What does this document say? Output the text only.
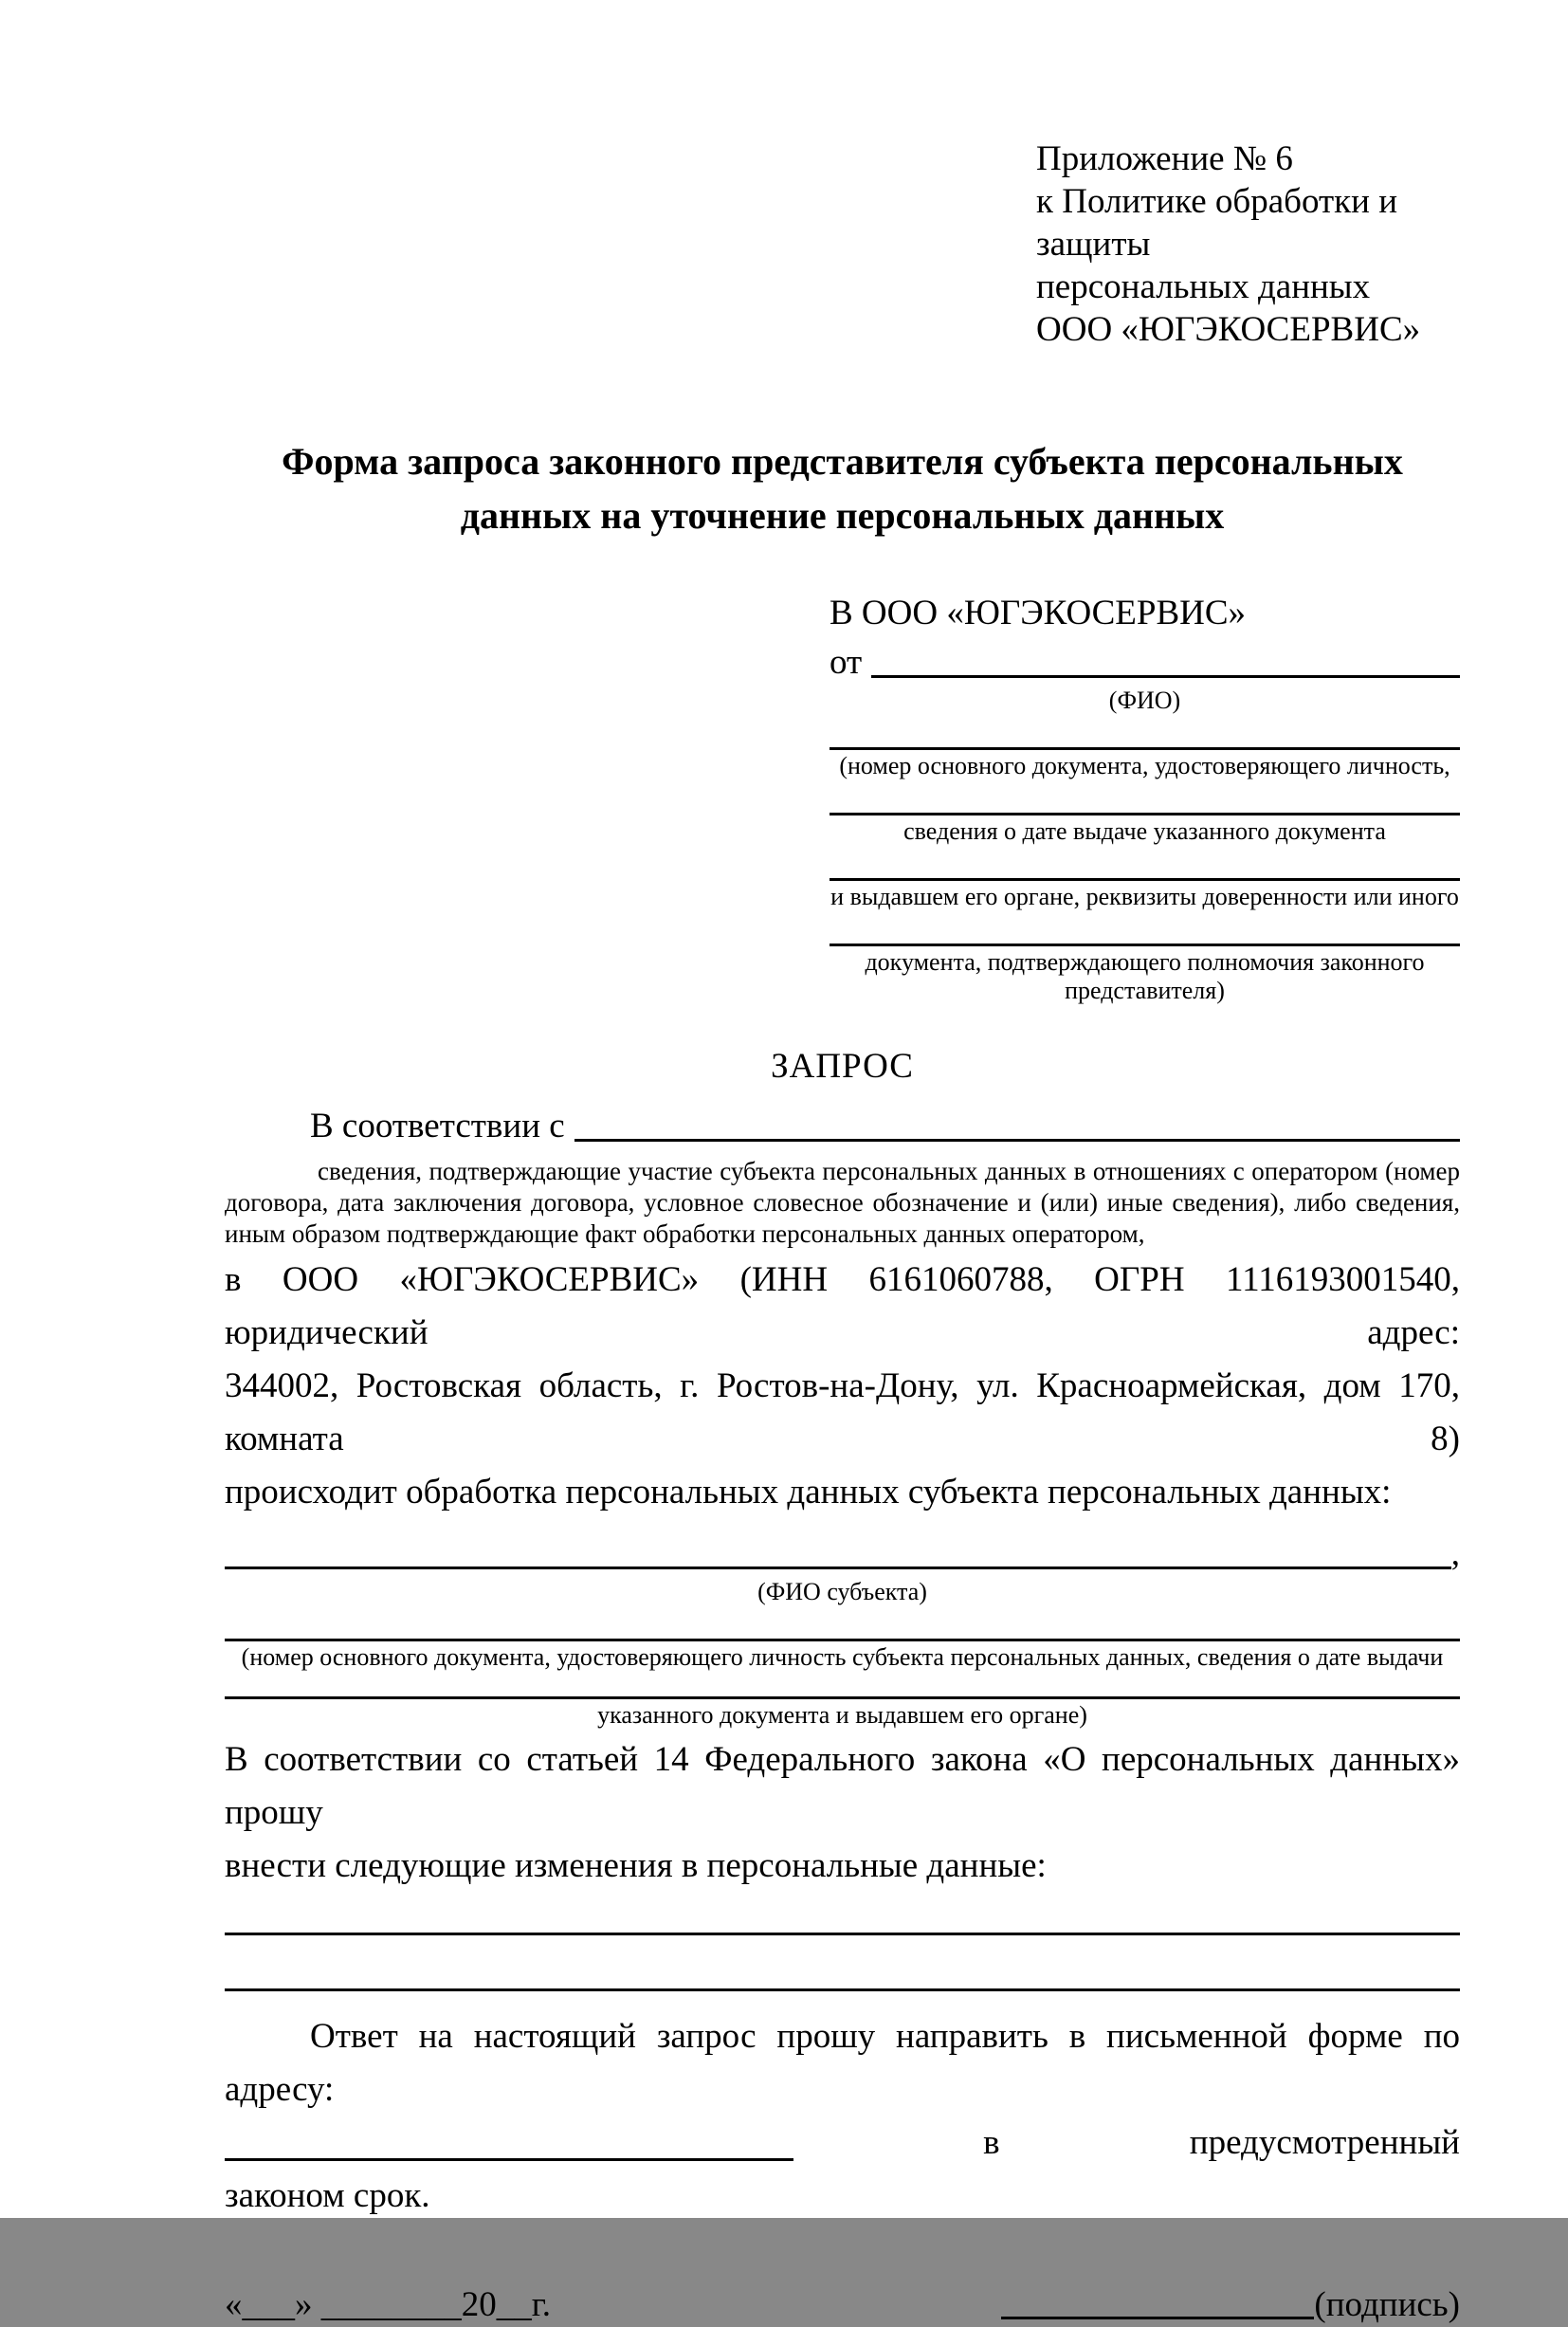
Приложение № 6
к Политике обработки и защиты
персональных данных
ООО «ЮГЭКОСЕРВИС»
Форма запроса законного представителя субъекта персональных данных на уточнение персональных данных
В ООО «ЮГЭКОСЕРВИС»
от
(ФИО)
(номер основного документа, удостоверяющего личность,
сведения о дате выдаче указанного документа
и выдавшем его органе, реквизиты доверенности или иного
документа, подтверждающего полномочия законного представителя)
ЗАПРОС
В соответствии с
сведения, подтверждающие участие субъекта персональных данных в отношениях с оператором (номер договора, дата заключения договора, условное словесное обозначение и (или) иные сведения), либо сведения, иным образом подтверждающие факт обработки персональных данных оператором,
в ООО «ЮГЭКОСЕРВИС» (ИНН 6161060788, ОГРН 1116193001540, юридический адрес:
344002, Ростовская область, г. Ростов-на-Дону, ул. Красноармейская, дом 170, комната 8)
происходит обработка персональных данных субъекта персональных данных:
,
(ФИО субъекта)
(номер основного документа, удостоверяющего личность субъекта персональных данных, сведения о дате выдачи
указанного документа и выдавшем его органе)
В соответствии со статьей 14 Федерального закона «О персональных данных» прошу
внести следующие изменения в персональные данные:
Ответ на настоящий запрос прошу направить в письменной форме по адресу:
в	предусмотренный
законом срок.
«___» ________20__г.	(подпись)
